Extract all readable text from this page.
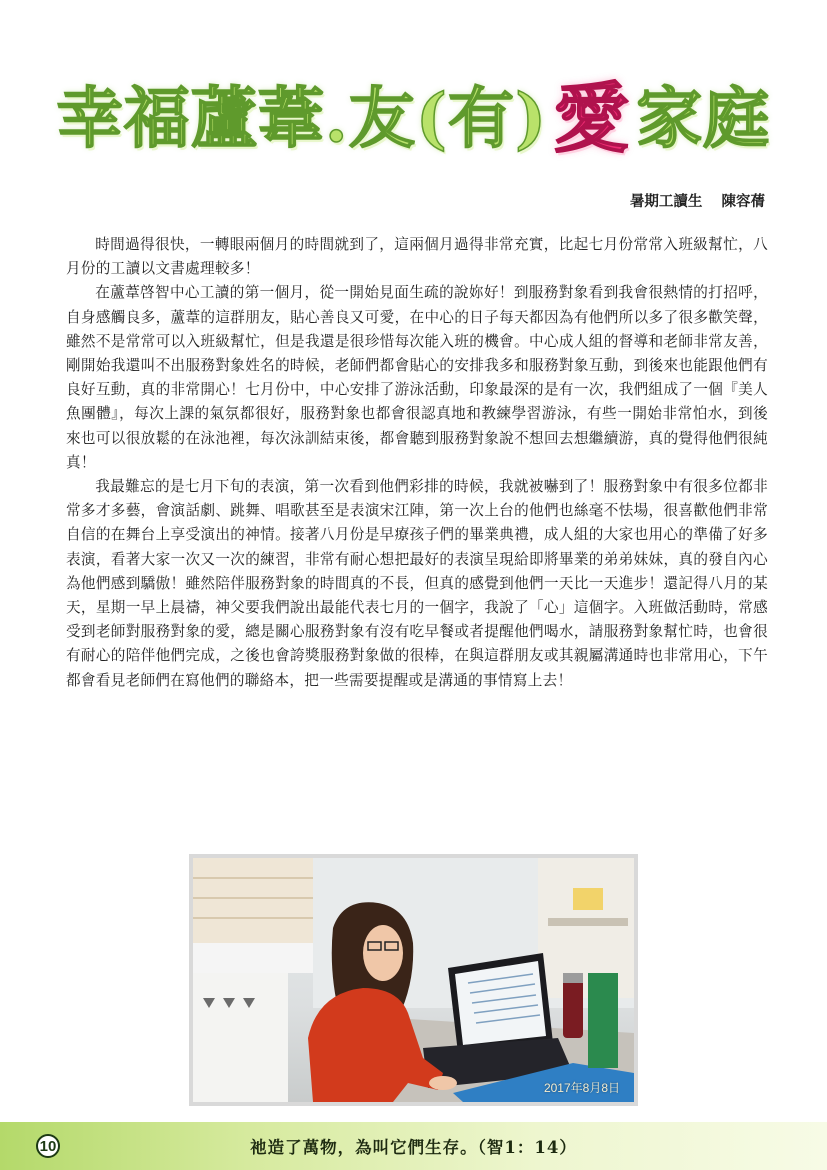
幸福蘆葦.友(有) 愛 家庭
暑期工讀生 陳容蒨

時間過得很快，一轉眼兩個月的時間就到了，這兩個月過得非常充實，比起七月份常常入班級幫忙，八月份的工讀以文書處理較多！

在蘆葦啓智中心工讀的第一個月，從一開始見面生疏的說妳好！到服務對象看到我會很熱情的打招呼，自身感觸良多，蘆葦的這群朋友，貼心善良又可愛，在中心的日子每天都因為有他們所以多了很多歡笑聲，雖然不是常常可以入班級幫忙，但是我還是很珍惜每次能入班的機會。中心成人組的督導和老師非常友善，剛開始我還叫不出服務對象姓名的時候，老師們都會貼心的安排我多和服務對象互動，到後來也能跟他們有良好互動，真的非常開心！七月份中，中心安排了游泳活動，印象最深的是有一次，我們組成了一個『美人魚團體』，每次上課的氣氛都很好，服務對象也都會很認真地和教練學習游泳，有些一開始非常怕水，到後來也可以很放鬆的在泳池裡，每次泳訓結束後，都會聽到服務對象說不想回去想繼續游，真的覺得他們很純真！

我最難忘的是七月下旬的表演，第一次看到他們彩排的時候，我就被嚇到了！服務對象中有很多位都非常多才多藝，會演話劇、跳舞、唱歌甚至是表演宋江陣，第一次上台的他們也絲毫不怯場，很喜歡他們非常自信的在舞台上享受演出的神情。接著八月份是早療孩子們的畢業典禮，成人組的大家也用心的準備了好多表演，看著大家一次又一次的練習，非常有耐心想把最好的表演呈現給即將畢業的弟弟妹妹，真的發自內心為他們感到驕傲！雖然陪伴服務對象的時間真的不長，但真的感覺到他們一天比一天進步！還記得八月的某天，星期一早上晨禱，神父要我們說出最能代表七月的一個字，我說了「心」這個字。入班做活動時，常感受到老師對服務對象的愛，總是關心服務對象有沒有吃早餐或者提醒他們喝水，請服務對象幫忙時，也會很有耐心的陪伴他們完成，之後也會誇獎服務對象做的很棒，在與這群朋友或其親屬溝通時也非常用心，下午都會看見老師們在寫他們的聯絡本，把一些需要提醒或是溝通的事情寫上去！

2017年8月8日
10	祂造了萬物，為叫它們生存。（智1：14）
